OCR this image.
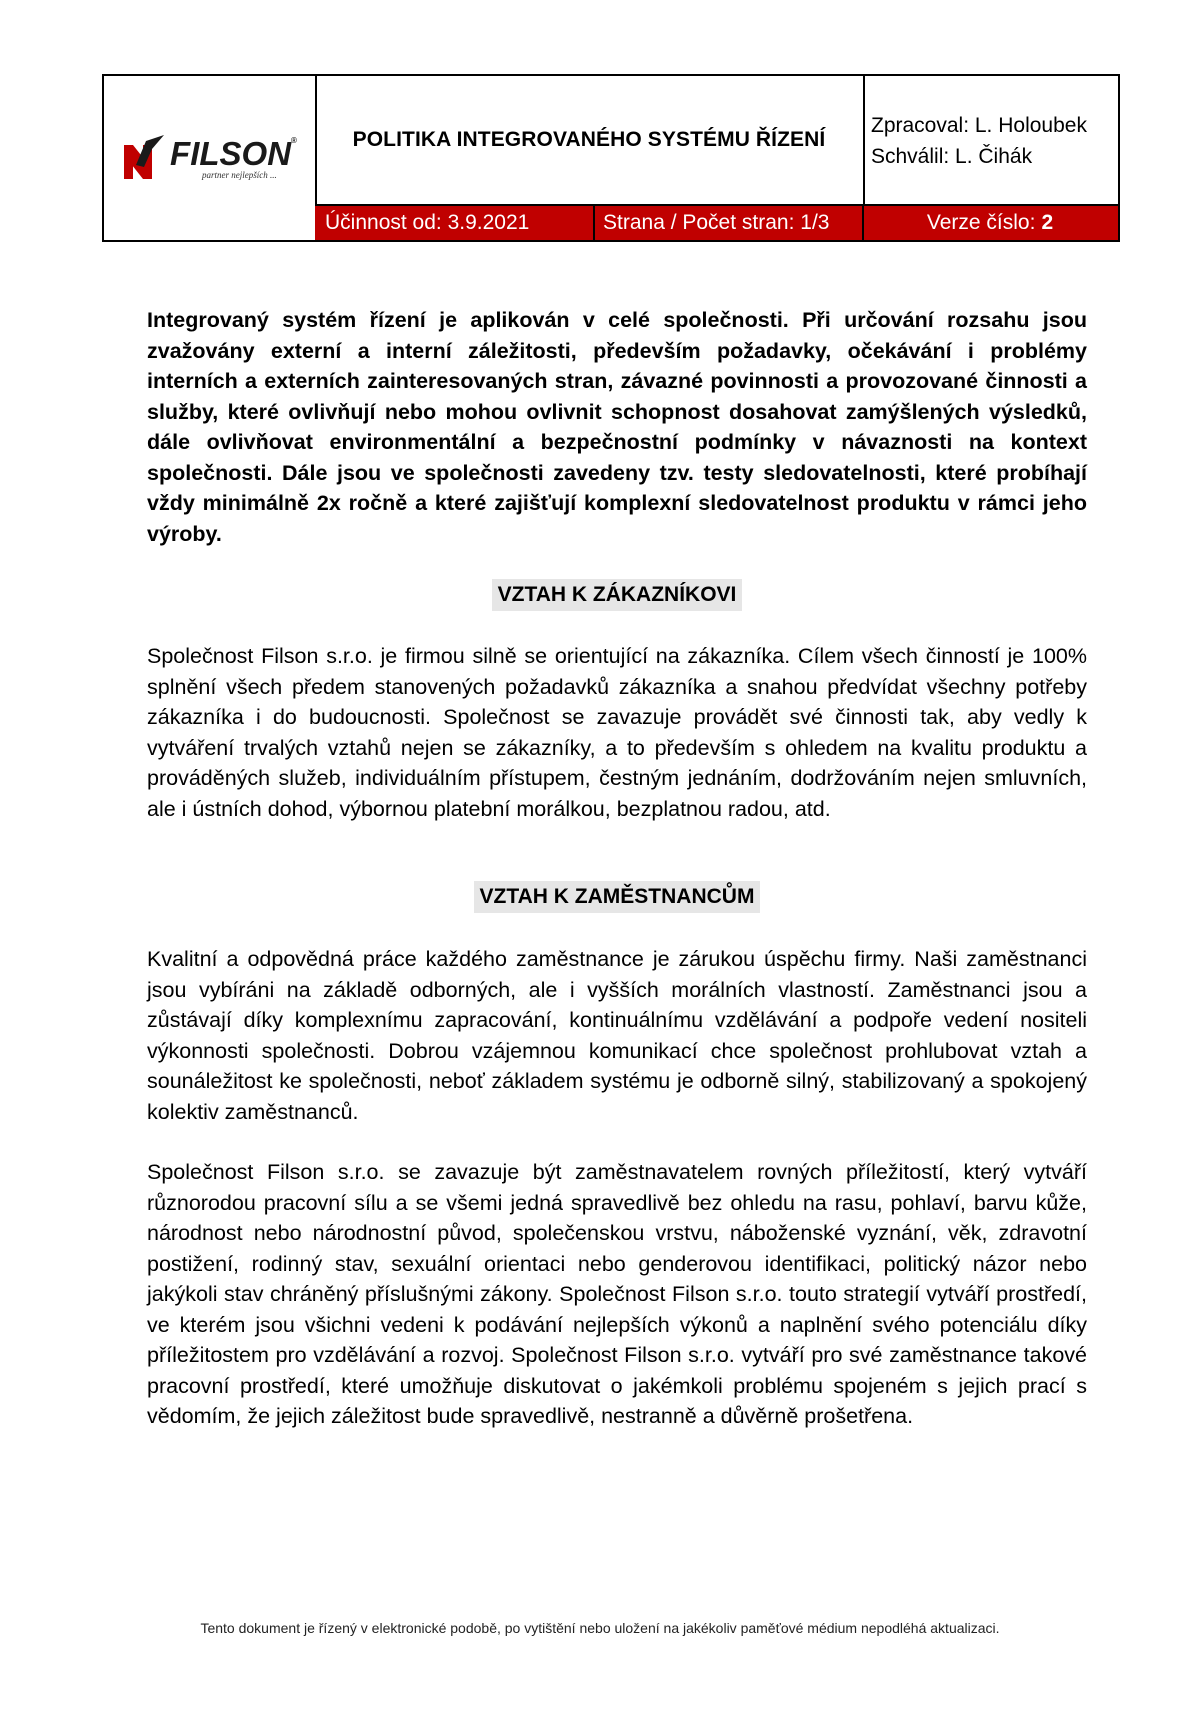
FILSON®
partner nejlepších ...
POLITIKA INTEGROVANÉHO SYSTÉMU ŘÍZENÍ
Zpracoval: L. Holoubek
Schválil: L. Čihák
Účinnost od: 3.9.2021	Strana / Počet stran: 1/3	Verze číslo: 2

Integrovaný systém řízení je aplikován v celé společnosti. Při určování rozsahu jsou zvažovány externí a interní záležitosti, především požadavky, očekávání i problémy interních a externích zainteresovaných stran, závazné povinnosti a provozované činnosti a služby, které ovlivňují nebo mohou ovlivnit schopnost dosahovat zamýšlených výsledků, dále ovlivňovat environmentální a bezpečnostní podmínky v návaznosti na kontext společnosti. Dále jsou ve společnosti zavedeny tzv. testy sledovatelnosti, které probíhají vždy minimálně 2x ročně a které zajišťují komplexní sledovatelnost produktu v rámci jeho výroby.

VZTAH K ZÁKAZNÍKOVI

Společnost Filson s.r.o. je firmou silně se orientující na zákazníka. Cílem všech činností je 100% splnění všech předem stanovených požadavků zákazníka a snahou předvídat všechny potřeby zákazníka i do budoucnosti. Společnost se zavazuje provádět své činnosti tak, aby vedly k vytváření trvalých vztahů nejen se zákazníky, a to především s ohledem na kvalitu produktu a prováděných služeb, individuálním přístupem, čestným jednáním, dodržováním nejen smluvních, ale i ústních dohod, výbornou platební morálkou, bezplatnou radou, atd.

VZTAH K ZAMĚSTNANCŮM

Kvalitní a odpovědná práce každého zaměstnance je zárukou úspěchu firmy. Naši zaměstnanci jsou vybíráni na základě odborných, ale i vyšších morálních vlastností. Zaměstnanci jsou a zůstávají díky komplexnímu zapracování, kontinuálnímu vzdělávání a podpoře vedení nositeli výkonnosti společnosti. Dobrou vzájemnou komunikací chce společnost prohlubovat vztah a sounáležitost ke společnosti, neboť základem systému je odborně silný, stabilizovaný a spokojený kolektiv zaměstnanců.

Společnost Filson s.r.o. se zavazuje být zaměstnavatelem rovných příležitostí, který vytváří různorodou pracovní sílu a se všemi jedná spravedlivě bez ohledu na rasu, pohlaví, barvu kůže, národnost nebo národnostní původ, společenskou vrstvu, náboženské vyznání, věk, zdravotní postižení, rodinný stav, sexuální orientaci nebo genderovou identifikaci, politický názor nebo jakýkoli stav chráněný příslušnými zákony. Společnost Filson s.r.o. touto strategií vytváří prostředí, ve kterém jsou všichni vedeni k podávání nejlepších výkonů a naplnění svého potenciálu díky příležitostem pro vzdělávání a rozvoj. Společnost Filson s.r.o. vytváří pro své zaměstnance takové pracovní prostředí, které umožňuje diskutovat o jakémkoli problému spojeném s jejich prací s vědomím, že jejich záležitost bude spravedlivě, nestranně a důvěrně prošetřena.

Tento dokument je řízený v elektronické podobě, po vytištění nebo uložení na jakékoliv paměťové médium nepodléhá aktualizaci.
